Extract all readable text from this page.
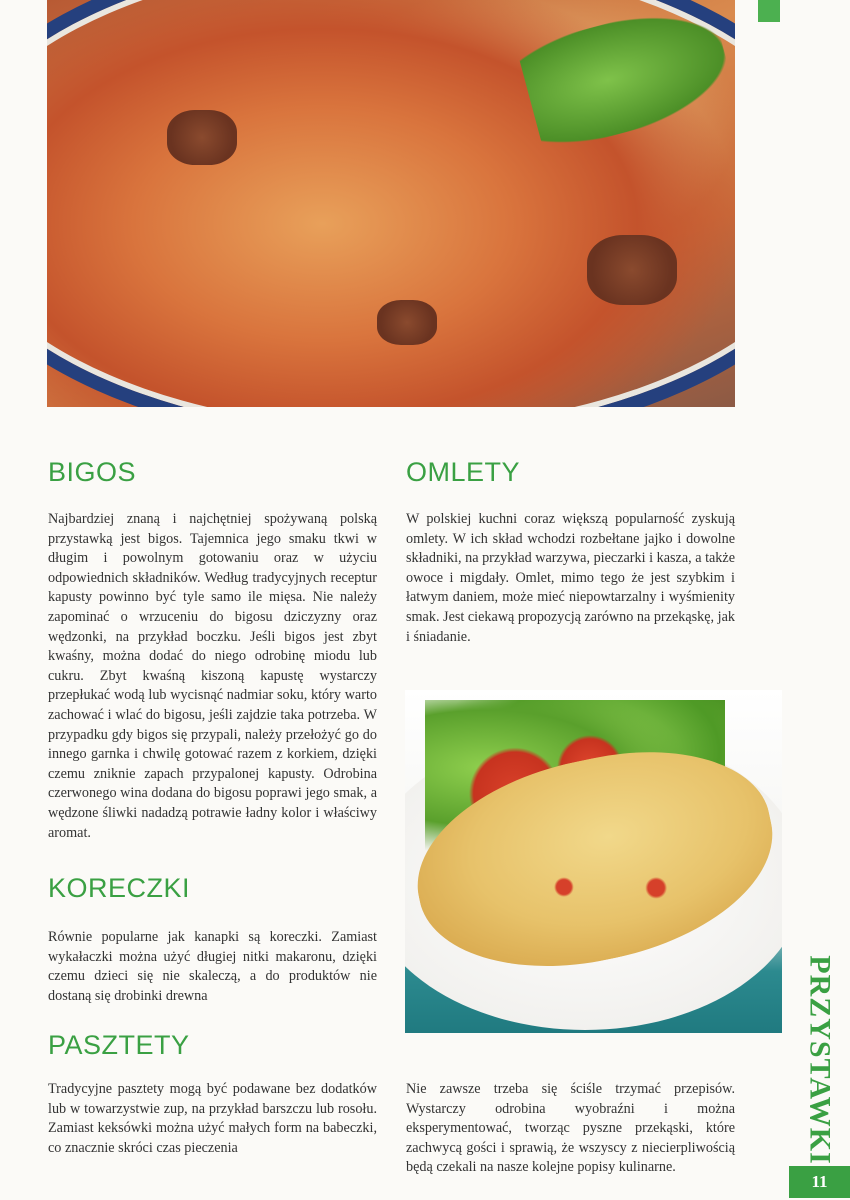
BIGOS

Najbardziej znaną i najchętniej spożywaną polską przystawką jest bigos. Tajemnica jego smaku tkwi w długim i powolnym gotowaniu oraz w użyciu odpowiednich składników. Według tradycyjnych receptur kapusty powinno być tyle samo ile mięsa. Nie należy zapominać o wrzuceniu do bigosu dziczyzny oraz wędzonki, na przykład boczku. Jeśli bigos jest zbyt kwaśny, można dodać do niego odrobinę miodu lub cukru. Zbyt kwaśną kiszoną kapustę wystarczy przepłukać wodą lub wycisnąć nadmiar soku, który warto zachować i wlać do bigosu, jeśli zajdzie taka potrzeba. W przypadku gdy bigos się przypali, należy przełożyć go do innego garnka i chwilę gotować razem z korkiem, dzięki czemu zniknie zapach przypalonej kapusty. Odrobina czerwonego wina dodana do bigosu poprawi jego smak, a wędzone śliwki nadadzą potrawie ładny kolor i właściwy aromat.

KORECZKI

Równie popularne jak kanapki są koreczki. Zamiast wykałaczki można użyć długiej nitki makaronu, dzięki czemu dzieci się nie skaleczą, a do produktów nie dostaną się drobinki drewna

PASZTETY

Tradycyjne pasztety mogą być podawane bez dodatków lub w towarzystwie zup, na przykład barszczu lub rosołu. Zamiast keksówki można użyć małych form na babeczki, co znacznie skróci czas pieczenia

OMLETY

W polskiej kuchni coraz większą popularność zyskują omlety. W ich skład wchodzi rozbełtane jajko i dowolne składniki, na przykład warzywa, pieczarki i kasza, a także owoce i migdały. Omlet, mimo tego że jest szybkim i łatwym daniem, może mieć niepowtarzalny i wyśmienity smak. Jest ciekawą propozycją zarówno na przekąskę, jak i śniadanie.

Nie zawsze trzeba się ściśle trzymać przepisów. Wystarczy odrobina wyobraźni i można eksperymentować, tworząc pyszne przekąski, które zachwycą gości i sprawią, że wszyscy z niecierpliwością będą czekali na nasze kolejne popisy kulinarne.

PRZYSTAWKI
11
